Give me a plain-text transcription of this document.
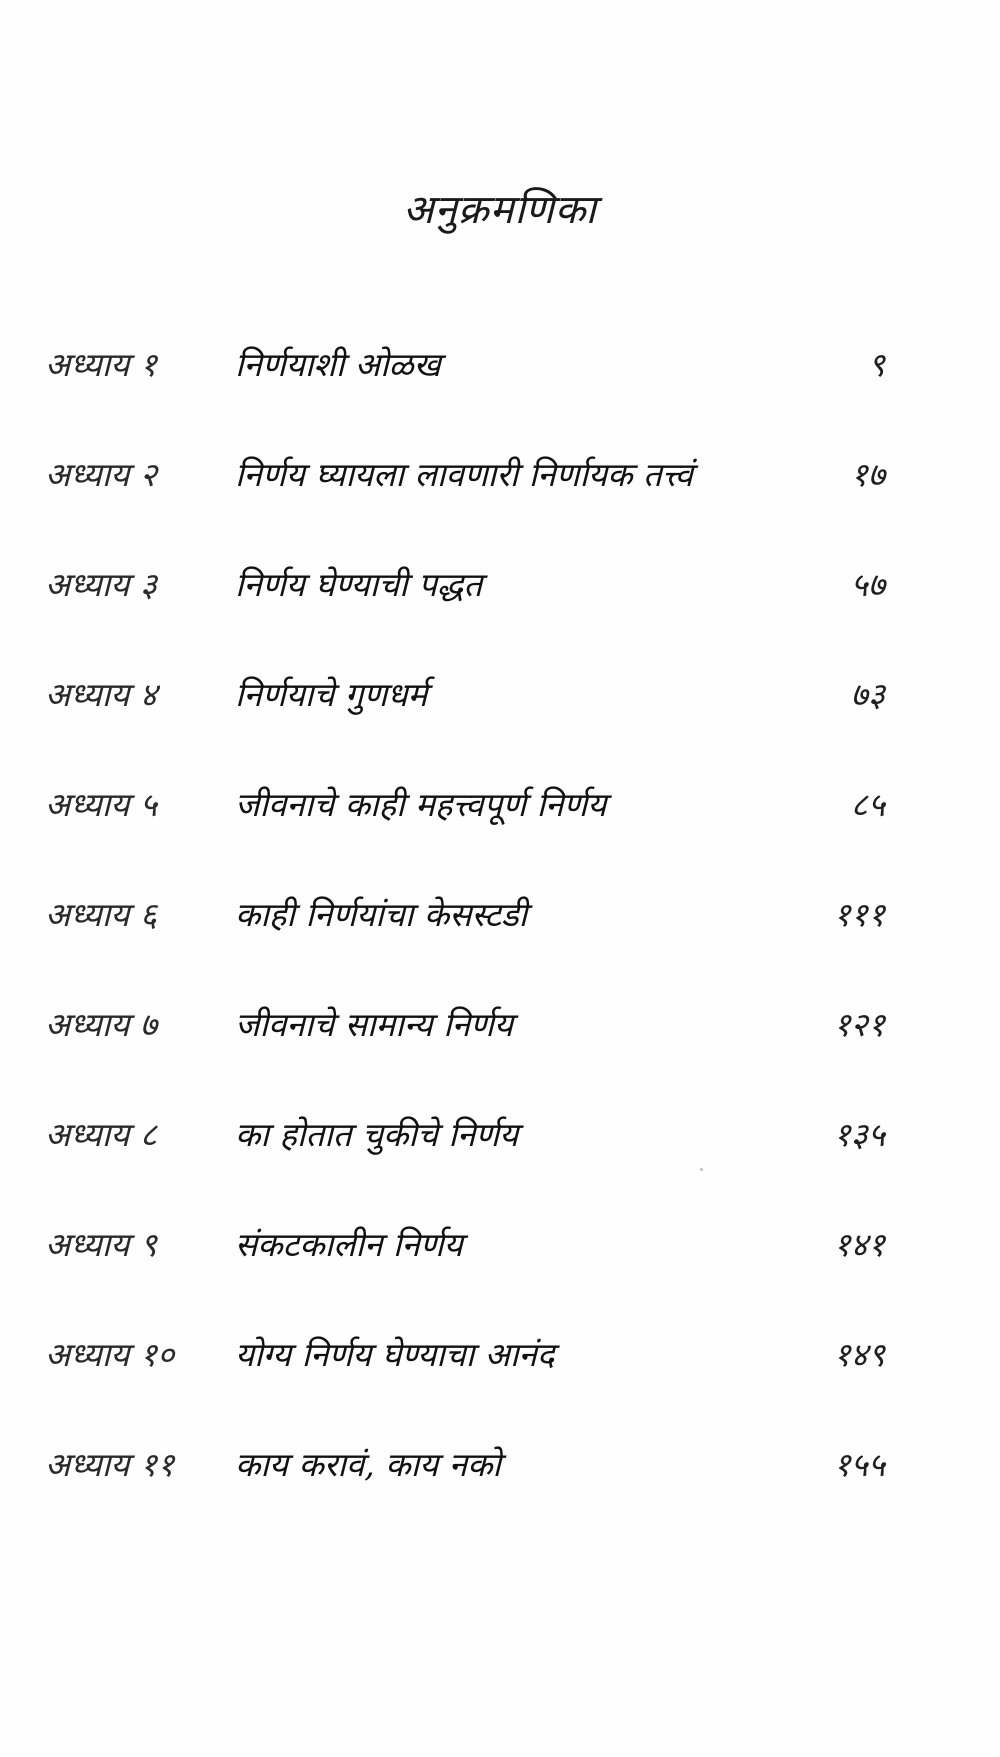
अनुक्रमणिका
अध्याय १	निर्णयाशी ओळख	९
अध्याय २	निर्णय घ्यायला लावणारी निर्णायक तत्त्वं	१७
अध्याय ३	निर्णय घेण्याची पद्धत	५७
अध्याय ४	निर्णयाचे गुणधर्म	७३
अध्याय ५	जीवनाचे काही महत्त्वपूर्ण निर्णय	८५
अध्याय ६	काही निर्णयांचा केसस्टडी	१११
अध्याय ७	जीवनाचे सामान्य निर्णय	१२१
अध्याय ८	का होतात चुकीचे निर्णय	१३५
अध्याय ९	संकटकालीन निर्णय	१४१
अध्याय १०	योग्य निर्णय घेण्याचा आनंद	१४९
अध्याय ११	काय करावं, काय नको	१५५
